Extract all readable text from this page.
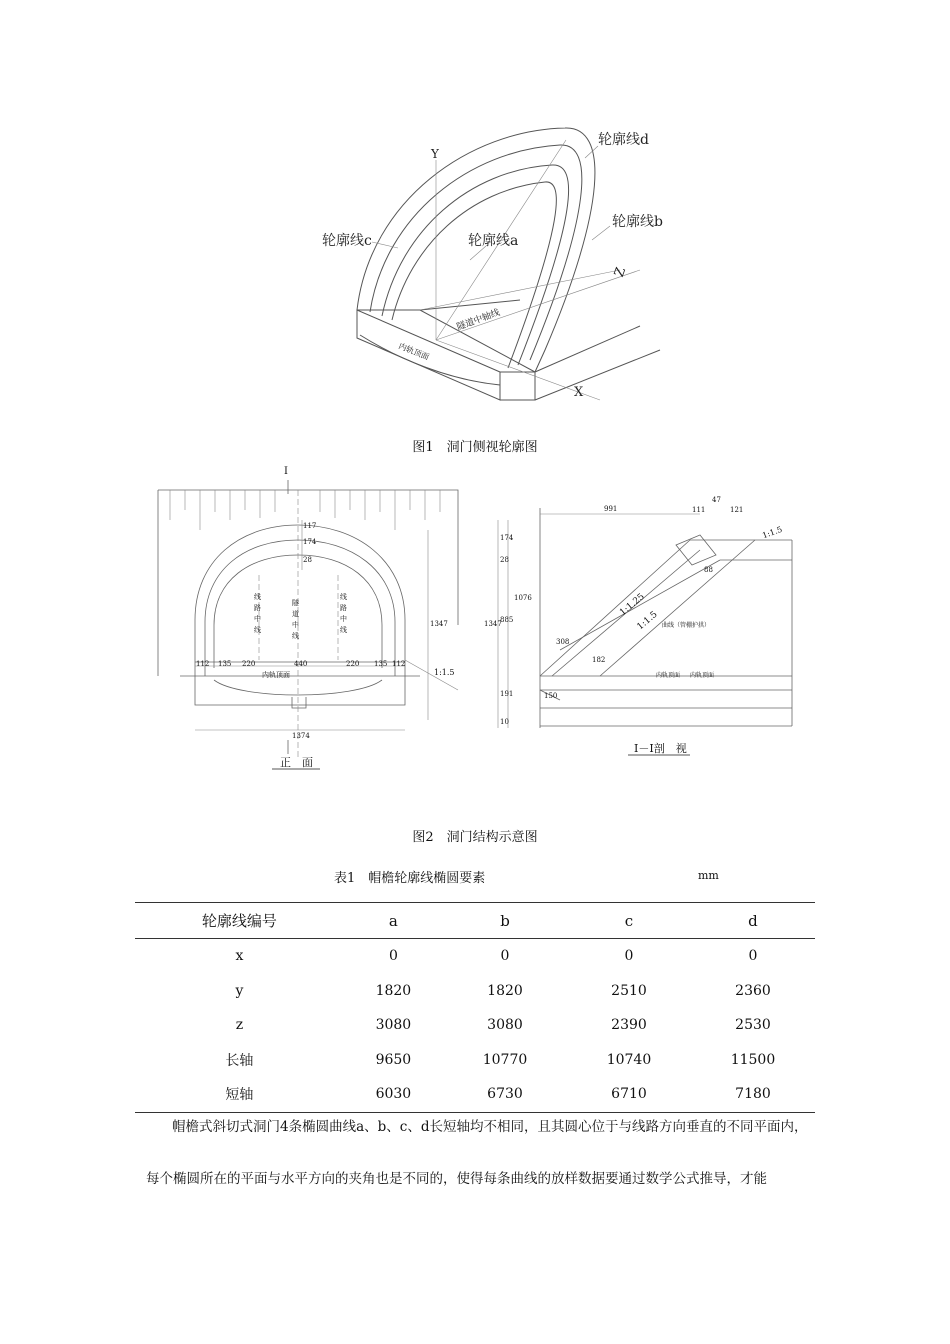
轮廓线d
轮廓线b
轮廓线c	轮廓线a
Y
Z
X
隧道中轴线
内轨顶面
图1　洞门侧视轮廓图
I
线路中线
隧道中线
线路中线
117
174
28
1347
1:1.5
内轨顶面
112 135 220	440	220 135 112
1374
正　面
991
47
111	121
1347
1076
885
174
28
191	150
10
1:1.25
1:1.5
1:1.5
308
88
182
曲线（管棚护拱）
内轨顶面 内轨顶面
I－I剖　视
图2　洞门结构示意图
表1　帽檐轮廓线椭圆要素	mm
轮廓线编号	a	b	c	d
x	0	0	0	0
y	1820	1820	2510	2360
z	3080	3080	2390	2530
长轴	9650	10770	10740	11500
短轴	6030	6730	6710	7180
帽檐式斜切式洞门4条椭圆曲线a、b、c、d长短轴均不相同，且其圆心位于与线路方向垂直的不同平面内，
每个椭圆所在的平面与水平方向的夹角也是不同的，使得每条曲线的放样数据要通过数学公式推导，才能
